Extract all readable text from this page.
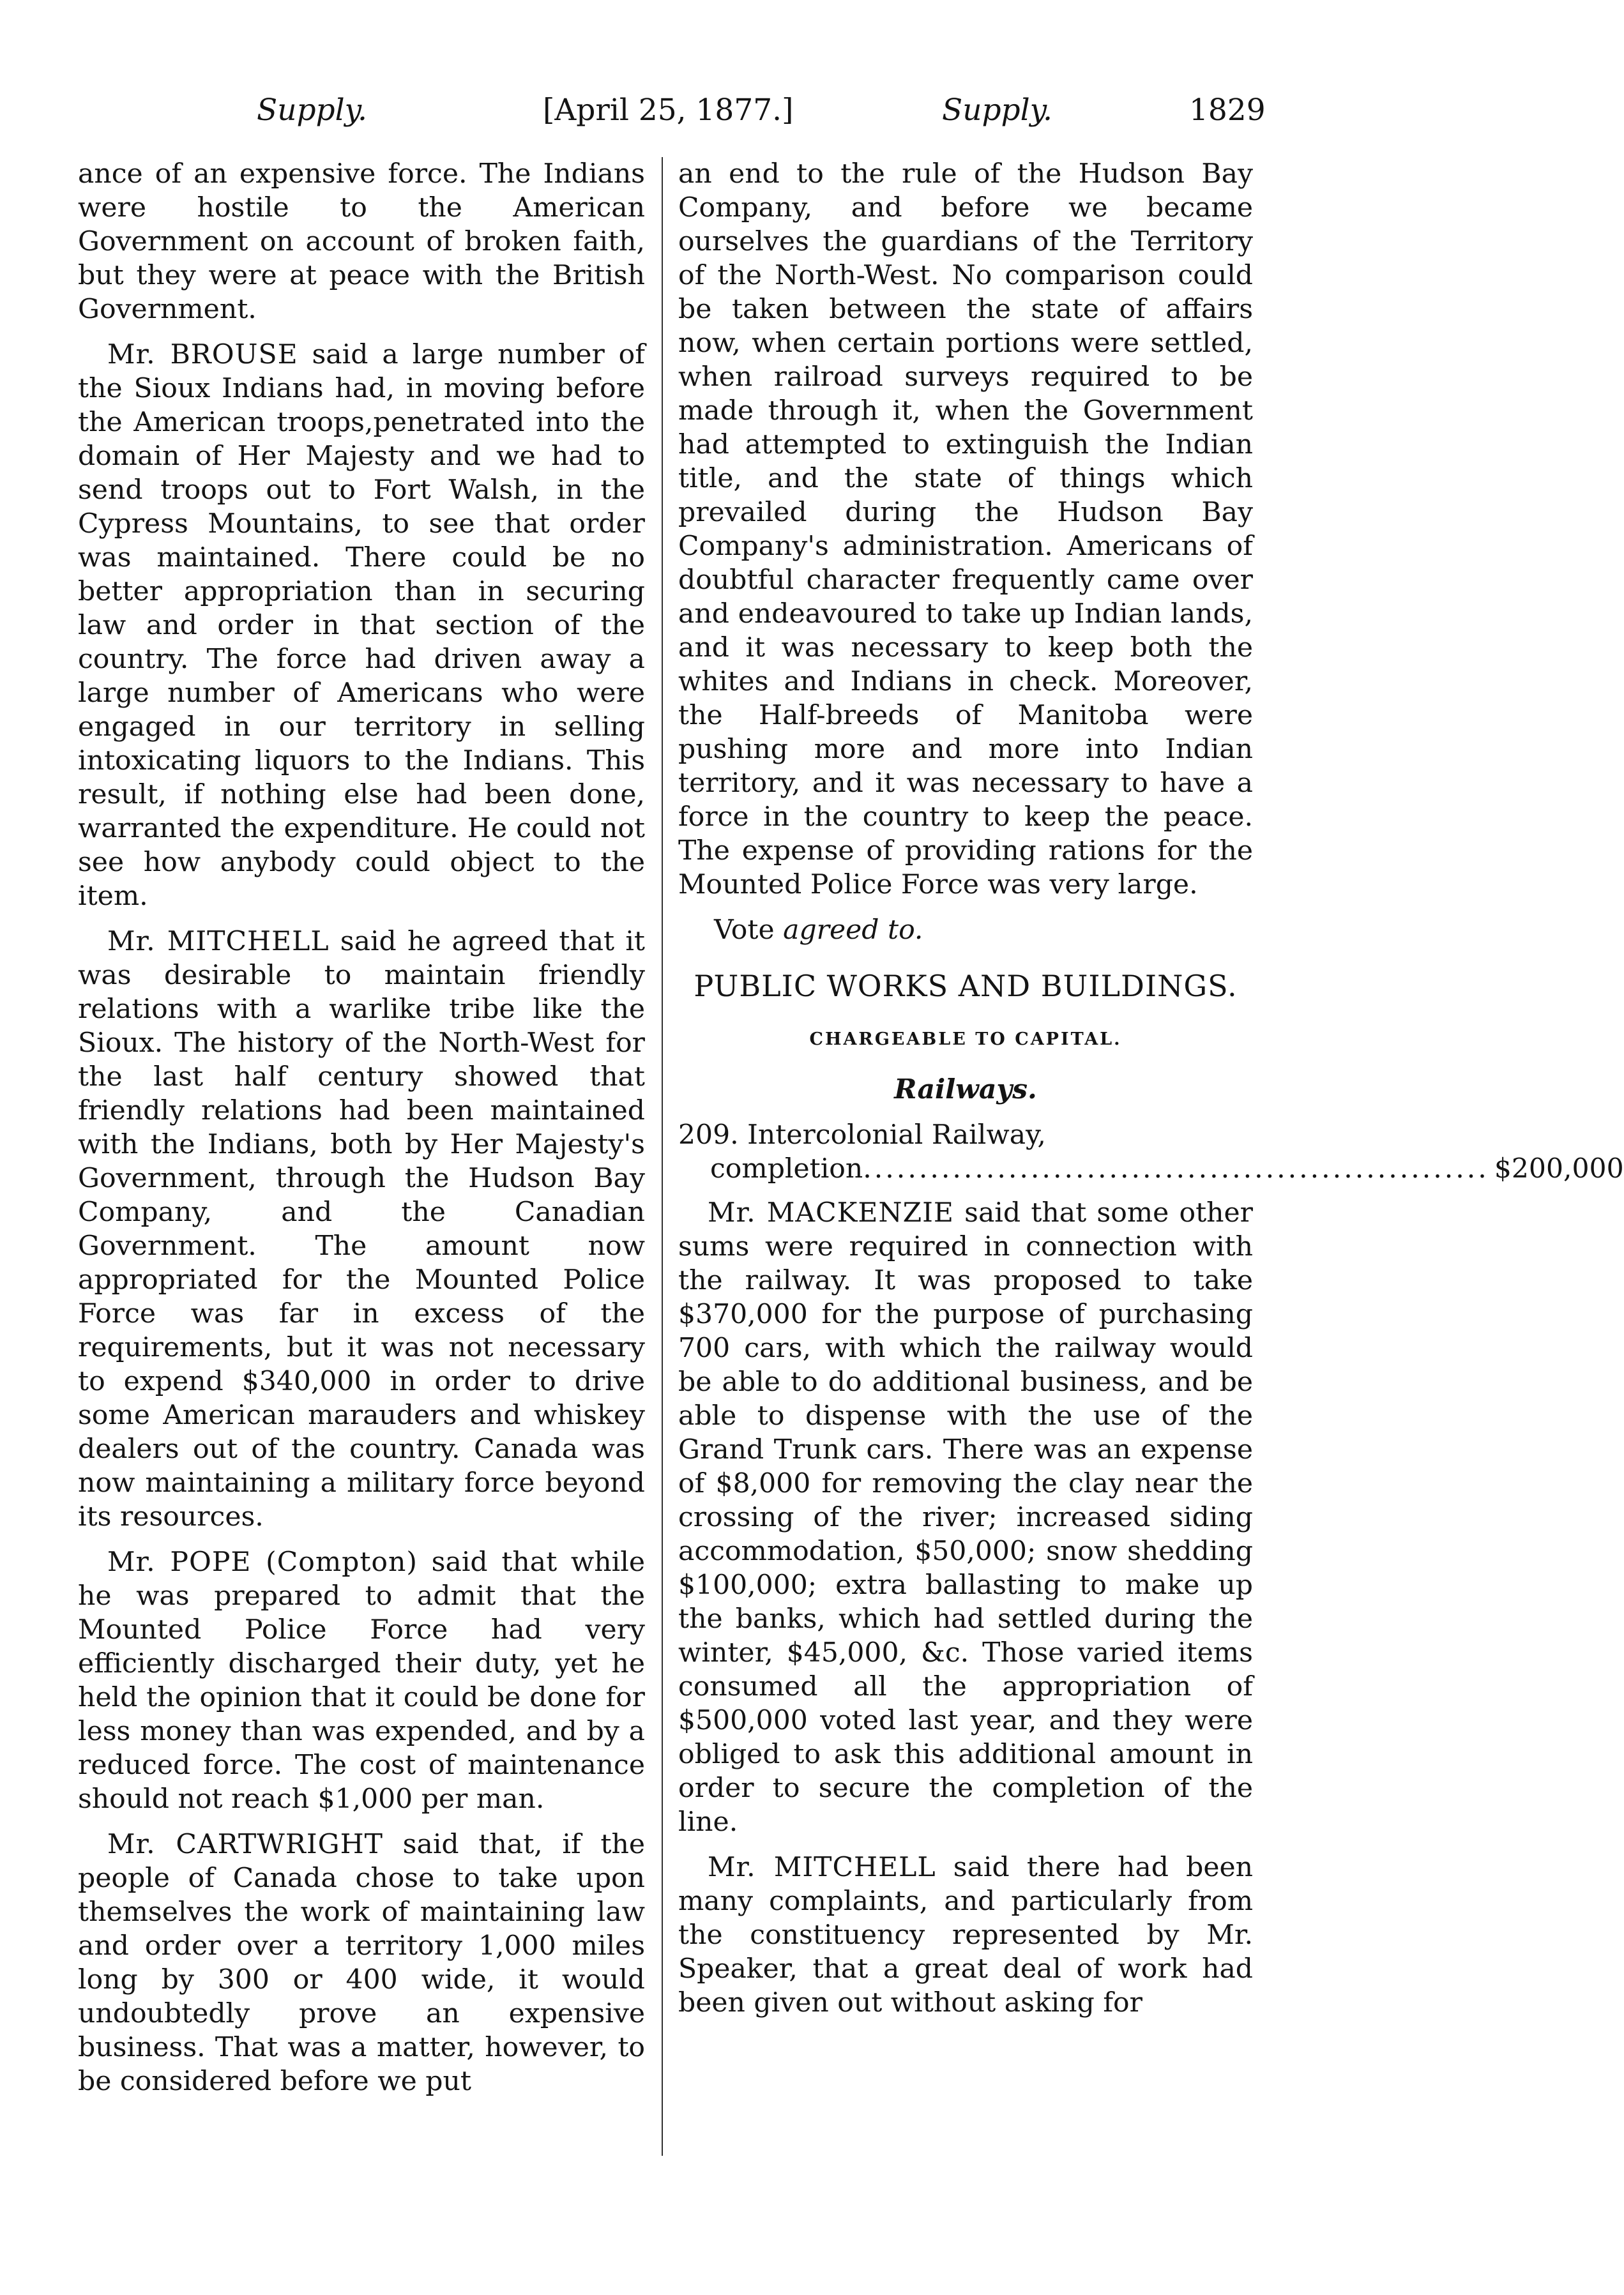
Supply.	[April 25, 1877.]	Supply.	1829

ance of an expensive force. The Indians were hostile to the American Government on account of broken faith, but they were at peace with the British Government.

Mr. BROUSE said a large number of the Sioux Indians had, in moving before the American troops,penetrated into the domain of Her Majesty and we had to send troops out to Fort Walsh, in the Cypress Mountains, to see that order was maintained. There could be no better appropriation than in securing law and order in that section of the country. The force had driven away a large number of Americans who were engaged in our territory in selling intoxicating liquors to the Indians. This result, if nothing else had been done, warranted the expenditure. He could not see how anybody could object to the item.

Mr. MITCHELL said he agreed that it was desirable to maintain friendly relations with a warlike tribe like the Sioux. The history of the North-West for the last half century showed that friendly relations had been maintained with the Indians, both by Her Majesty's Government, through the Hudson Bay Company, and the Canadian Government. The amount now appropriated for the Mounted Police Force was far in excess of the requirements, but it was not necessary to expend $340,000 in order to drive some American marauders and whiskey dealers out of the country. Canada was now maintaining a military force beyond its resources.

Mr. POPE (Compton) said that while he was prepared to admit that the Mounted Police Force had very efficiently discharged their duty, yet he held the opinion that it could be done for less money than was expended, and by a reduced force. The cost of maintenance should not reach $1,000 per man.

Mr. CARTWRIGHT said that, if the people of Canada chose to take upon themselves the work of maintaining law and order over a territory 1,000 miles long by 300 or 400 wide, it would undoubtedly prove an expensive business. That was a matter, however, to be considered before we put

an end to the rule of the Hudson Bay Company, and before we became ourselves the guardians of the Territory of the North-West. No comparison could be taken between the state of affairs now, when certain portions were settled, when railroad surveys required to be made through it, when the Government had attempted to extinguish the Indian title, and the state of things which prevailed during the Hudson Bay Company's administration. Americans of doubtful character frequently came over and endeavoured to take up Indian lands, and it was necessary to keep both the whites and Indians in check. Moreover, the Half-breeds of Manitoba were pushing more and more into Indian territory, and it was necessary to have a force in the country to keep the peace. The expense of providing rations for the Mounted Police Force was very large.

Vote agreed to.

PUBLIC WORKS AND BUILDINGS.

CHARGEABLE TO CAPITAL.

Railways.

209. Intercolonial Railway,
completion ........................................................ $200,000

Mr. MACKENZIE said that some other sums were required in connection with the railway. It was proposed to take $370,000 for the purpose of purchasing 700 cars, with which the railway would be able to do additional business, and be able to dispense with the use of the Grand Trunk cars. There was an expense of $8,000 for removing the clay near the crossing of the river; increased siding accommodation, $50,000; snow shedding $100,000; extra ballasting to make up the banks, which had settled during the winter, $45,000, &c. Those varied items consumed all the appropriation of $500,000 voted last year, and they were obliged to ask this additional amount in order to secure the completion of the line.

Mr. MITCHELL said there had been many complaints, and particularly from the constituency represented by Mr. Speaker, that a great deal of work had been given out without asking for
